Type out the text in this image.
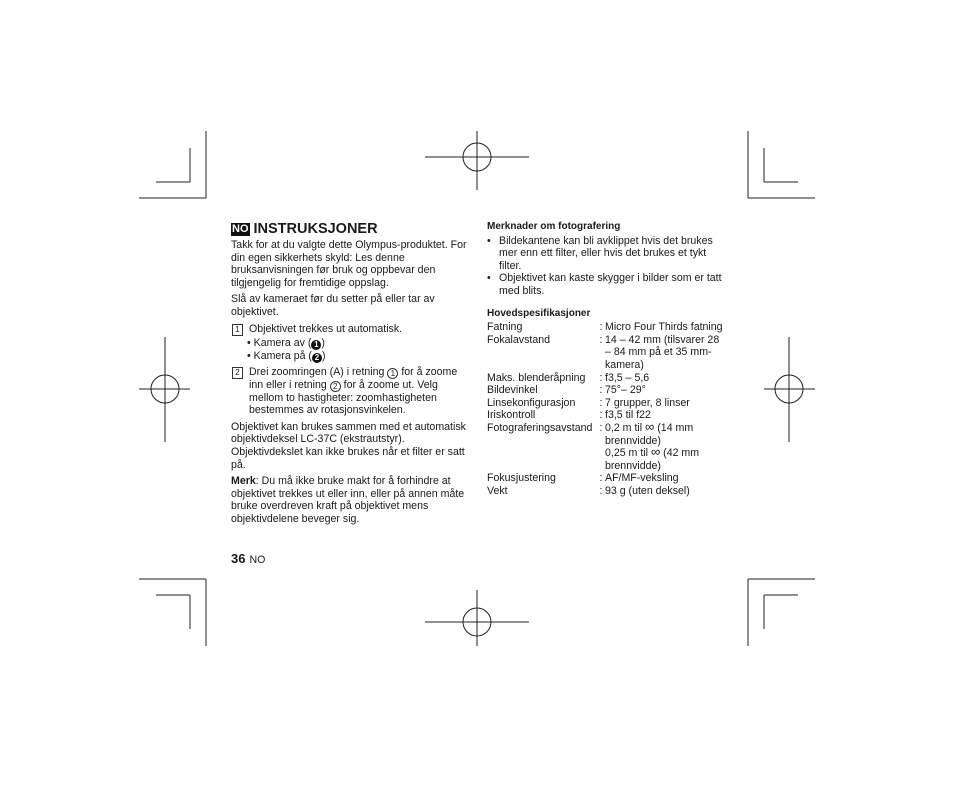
NO INSTRUKSJONER

Takk for at du valgte dette Olympus-produktet. For din egen sikkerhets skyld: Les denne bruksanvisningen før bruk og oppbevar den tilgjengelig for fremtidige oppslag.

Slå av kameraet før du setter på eller tar av objektivet.

1 Objektivet trekkes ut automatisk.
• Kamera av ( 1 )
• Kamera på ( 2 )
2 Drei zoomringen (A) i retning 1 for å zoome inn eller i retning 2 for å zoome ut. Velg mellom to hastigheter: zoomhastigheten bestemmes av rotasjonsvinkelen.

Objektivet kan brukes sammen med et automatisk objektivdeksel LC-37C (ekstrautstyr). Objektivdekslet kan ikke brukes når et filter er satt på.

Merk: Du må ikke bruke makt for å forhindre at objektivet trekkes ut eller inn, eller på annen måte bruke overdreven kraft på objektivet mens objektivdelene beveger sig.

Merknader om fotografering
• Bildekantene kan bli avklippet hvis det brukes mer enn ett filter, eller hvis det brukes et tykt filter.
• Objektivet kan kaste skygger i bilder som er tatt med blits.
Hovedspesifikasjoner
Fatning	:	Micro Four Thirds fatning
Fokalavstand	:	14 – 42 mm (tilsvarer 28 – 84 mm på et 35 mm-kamera)
Maks. blenderåpning	:	f3,5 – 5,6
Bildevinkel	:	75°– 29°
Linsekonfigurasjon	:	7 grupper, 8 linser
Iriskontroll	:	f3,5 til f22
Fotograferingsavstand	:	0,2 m til ∞ (14 mm brennvidde)
0,25 m til ∞ (42 mm brennvidde)

Fokusjustering	:	AF/MF-veksling
Vekt	:	93 g (uten deksel)
36 NO
